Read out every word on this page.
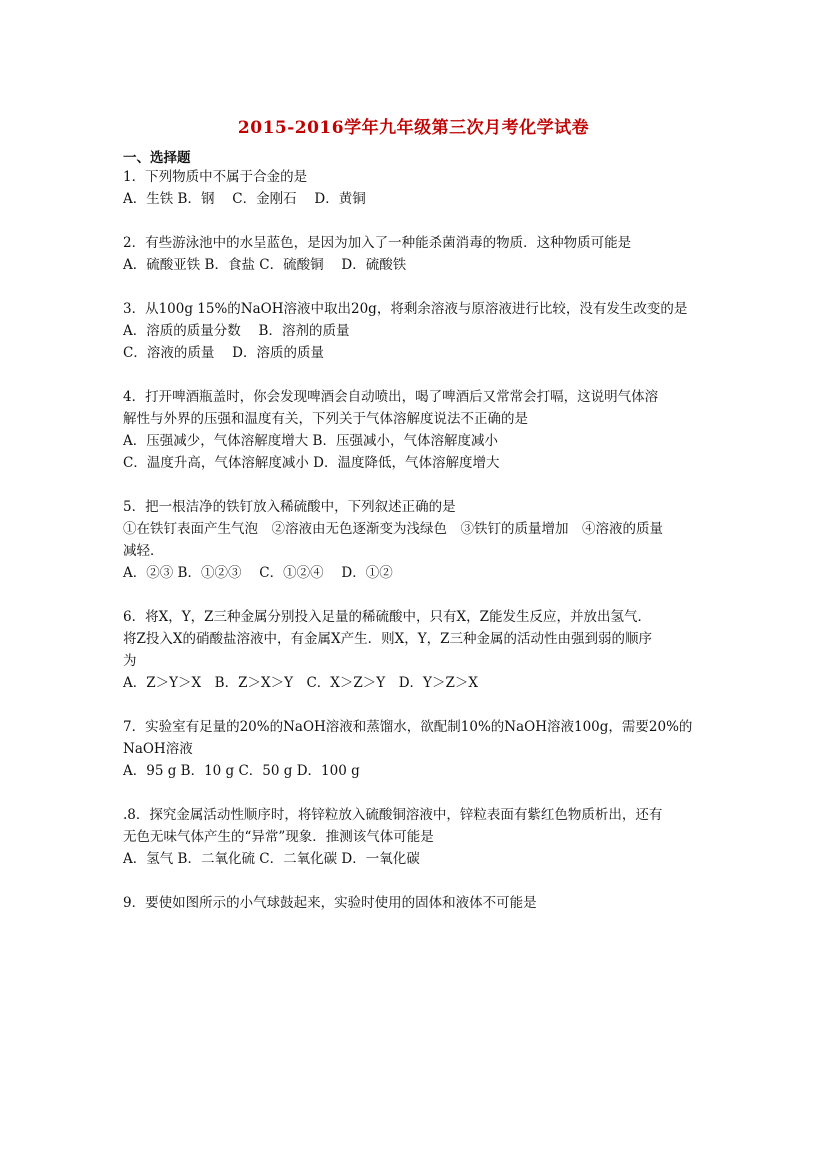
2015-2016学年九年级第三次月考化学试卷
一、选择题
1．下列物质中不属于合金的是
A．生铁 B．钢　 C．金刚石　 D．黄铜
2．有些游泳池中的水呈蓝色，是因为加入了一种能杀菌消毒的物质．这种物质可能是
A．硫酸亚铁 B．食盐 C．硫酸铜　 D．硫酸铁
3．从100g 15%的NaOH溶液中取出20g，将剩余溶液与原溶液进行比较，没有发生改变的是
A．溶质的质量分数　 B．溶剂的质量
C．溶液的质量　 D．溶质的质量
4．打开啤酒瓶盖时，你会发现啤酒会自动喷出，喝了啤酒后又常常会打嗝，这说明气体溶
解性与外界的压强和温度有关，下列关于气体溶解度说法不正确的是
A．压强减少，气体溶解度增大 B．压强减小，气体溶解度减小
C．温度升高，气体溶解度减小 D．温度降低，气体溶解度增大
5．把一根洁净的铁钉放入稀硫酸中，下列叙述正确的是
①在铁钉表面产生气泡　②溶液由无色逐渐变为浅绿色　③铁钉的质量增加　④溶液的质量
减轻．
A．②③ B．①②③　 C．①②④　 D．①②
6．将X，Y，Z三种金属分别投入足量的稀硫酸中，只有X，Z能发生反应，并放出氢气．
将Z投入X的硝酸盐溶液中，有金属X产生．则X，Y，Z三种金属的活动性由强到弱的顺序
为
A．Z＞Y＞X　B．Z＞X＞Y　C．X＞Z＞Y　D．Y＞Z＞X
7．实验室有足量的20%的NaOH溶液和蒸馏水，欲配制10%的NaOH溶液100g，需要20%的
NaOH溶液
A．95 g B．10 g C．50 g D．100 g
.8．探究金属活动性顺序时，将锌粒放入硫酸铜溶液中，锌粒表面有紫红色物质析出，还有
无色无味气体产生的“异常”现象．推测该气体可能是
A．氢气 B．二氧化硫 C．二氧化碳 D．一氧化碳
9．要使如图所示的小气球鼓起来，实验时使用的固体和液体不可能是
